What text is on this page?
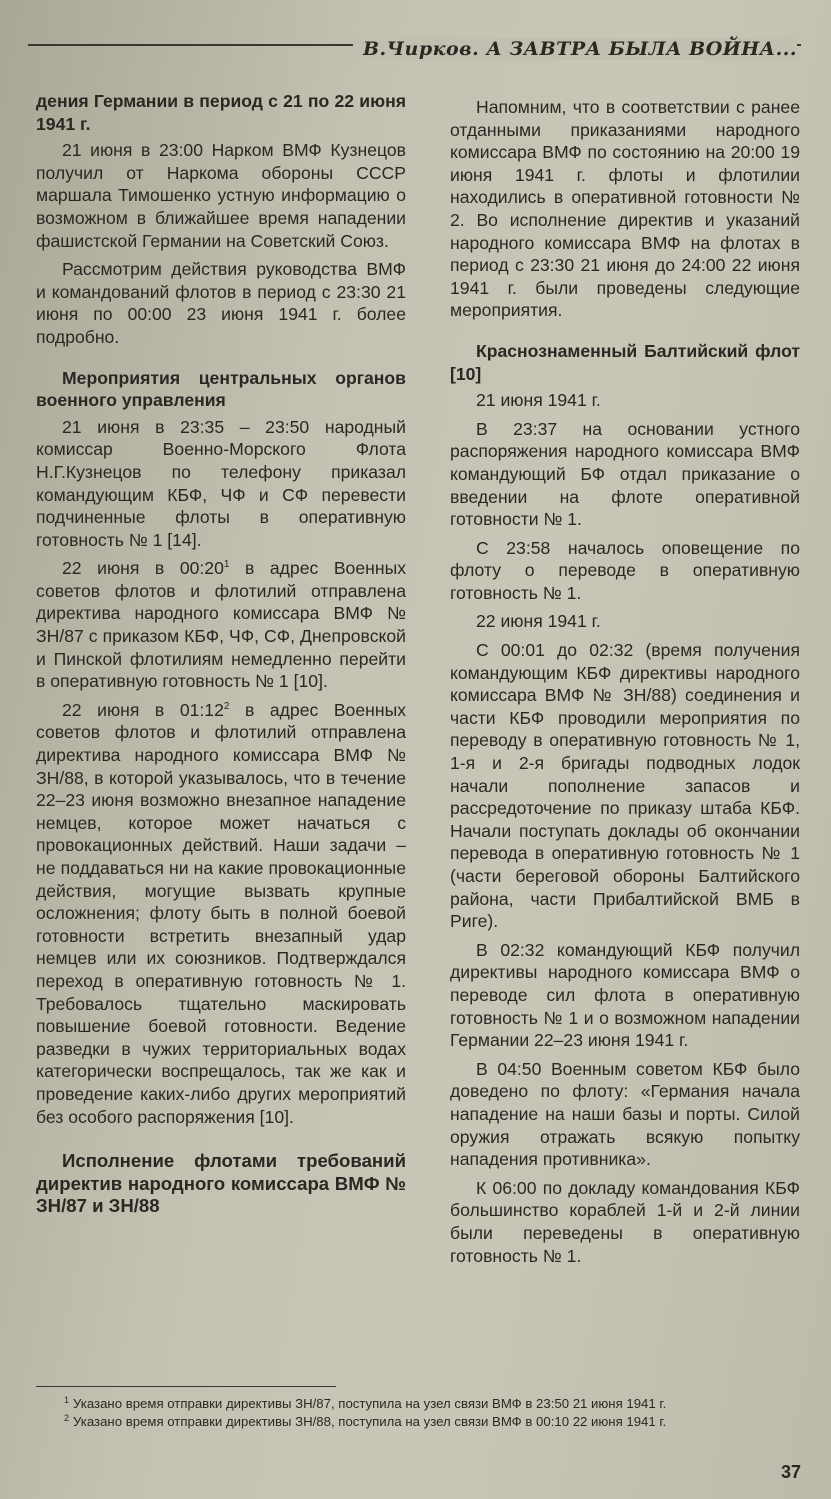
В.Чирков. А ЗАВТРА БЫЛА ВОЙНА...
дения Германии в период с 21 по 22 июня 1941 г.

21 июня в 23:00 Нарком ВМФ Кузнецов получил от Наркома обороны СССР маршала Тимошенко устную информацию о возможном в ближайшее время нападении фашистской Германии на Советский Союз.

Рассмотрим действия руководства ВМФ и командований флотов в период с 23:30 21 июня по 00:00 23 июня 1941 г. более подробно.

Мероприятия центральных органов военного управления

21 июня в 23:35 – 23:50 народный комиссар Военно-Морского Флота Н.Г.Кузнецов по телефону приказал командующим КБФ, ЧФ и СФ перевести подчиненные флоты в оперативную готовность № 1 [14].

22 июня в $00:20^1$ в адрес Военных советов флотов и флотилий отправлена директива народного комиссара ВМФ № ЗН/87 с приказом КБФ, ЧФ, СФ, Днепровской и Пинской флотилиям немедленно перейти в оперативную готовность № 1 [10].

22 июня в $01:12^2$ в адрес Военных советов флотов и флотилий отправлена директива народного комиссара ВМФ № ЗН/88, в которой указывалось, что в течение 22–23 июня возможно внезапное нападение немцев, которое может начаться с провокационных действий. Наши задачи – не поддаваться ни на какие провокационные действия, могущие вызвать крупные осложнения; флоту быть в полной боевой готовности встретить внезапный удар немцев или их союзников. Подтверждался переход в оперативную готовность № 1. Требовалось тщательно маскировать повышение боевой готовности. Ведение разведки в чужих территориальных водах категорически воспрещалось, так же как и проведение каких-либо других мероприятий без особого распоряжения [10].

Исполнение флотами требований директив народного комиссара ВМФ № ЗН/87 и ЗН/88

Напомним, что в соответствии с ранее отданными приказаниями народного комиссара ВМФ по состоянию на 20:00 19 июня 1941 г. флоты и флотилии находились в оперативной готовности № 2. Во исполнение директив и указаний народного комиссара ВМФ на флотах в период с 23:30 21 июня до 24:00 22 июня 1941 г. были проведены следующие мероприятия.

Краснознаменный Балтийский флот [10]

21 июня 1941 г.

В 23:37 на основании устного распоряжения народного комиссара ВМФ командующий БФ отдал приказание о введении на флоте оперативной готовности № 1.

С 23:58 началось оповещение по флоту о переводе в оперативную готовность № 1.

22 июня 1941 г.

С 00:01 до 02:32 (время получения командующим КБФ директивы народного комиссара ВМФ № ЗН/88) соединения и части КБФ проводили мероприятия по переводу в оперативную готовность № 1, 1-я и 2-я бригады подводных лодок начали пополнение запасов и рассредоточение по приказу штаба КБФ. Начали поступать доклады об окончании перевода в оперативную готовность № 1 (части береговой обороны Балтийского района, части Прибалтийской ВМБ в Риге).

В 02:32 командующий КБФ получил директивы народного комиссара ВМФ о переводе сил флота в оперативную готовность № 1 и о возможном нападении Германии 22–23 июня 1941 г.

В 04:50 Военным советом КБФ было доведено по флоту: «Германия начала нападение на наши базы и порты. Силой оружия отражать всякую попытку нападения противника».

К 06:00 по докладу командования КБФ большинство кораблей 1-й и 2-й линии были переведены в оперативную готовность № 1.

$^1$ Указано время отправки директивы ЗН/87, поступила на узел связи ВМФ в 23:50 21 июня 1941 г.

$^2$ Указано время отправки директивы ЗН/88, поступила на узел связи ВМФ в 00:10 22 июня 1941 г.

37
